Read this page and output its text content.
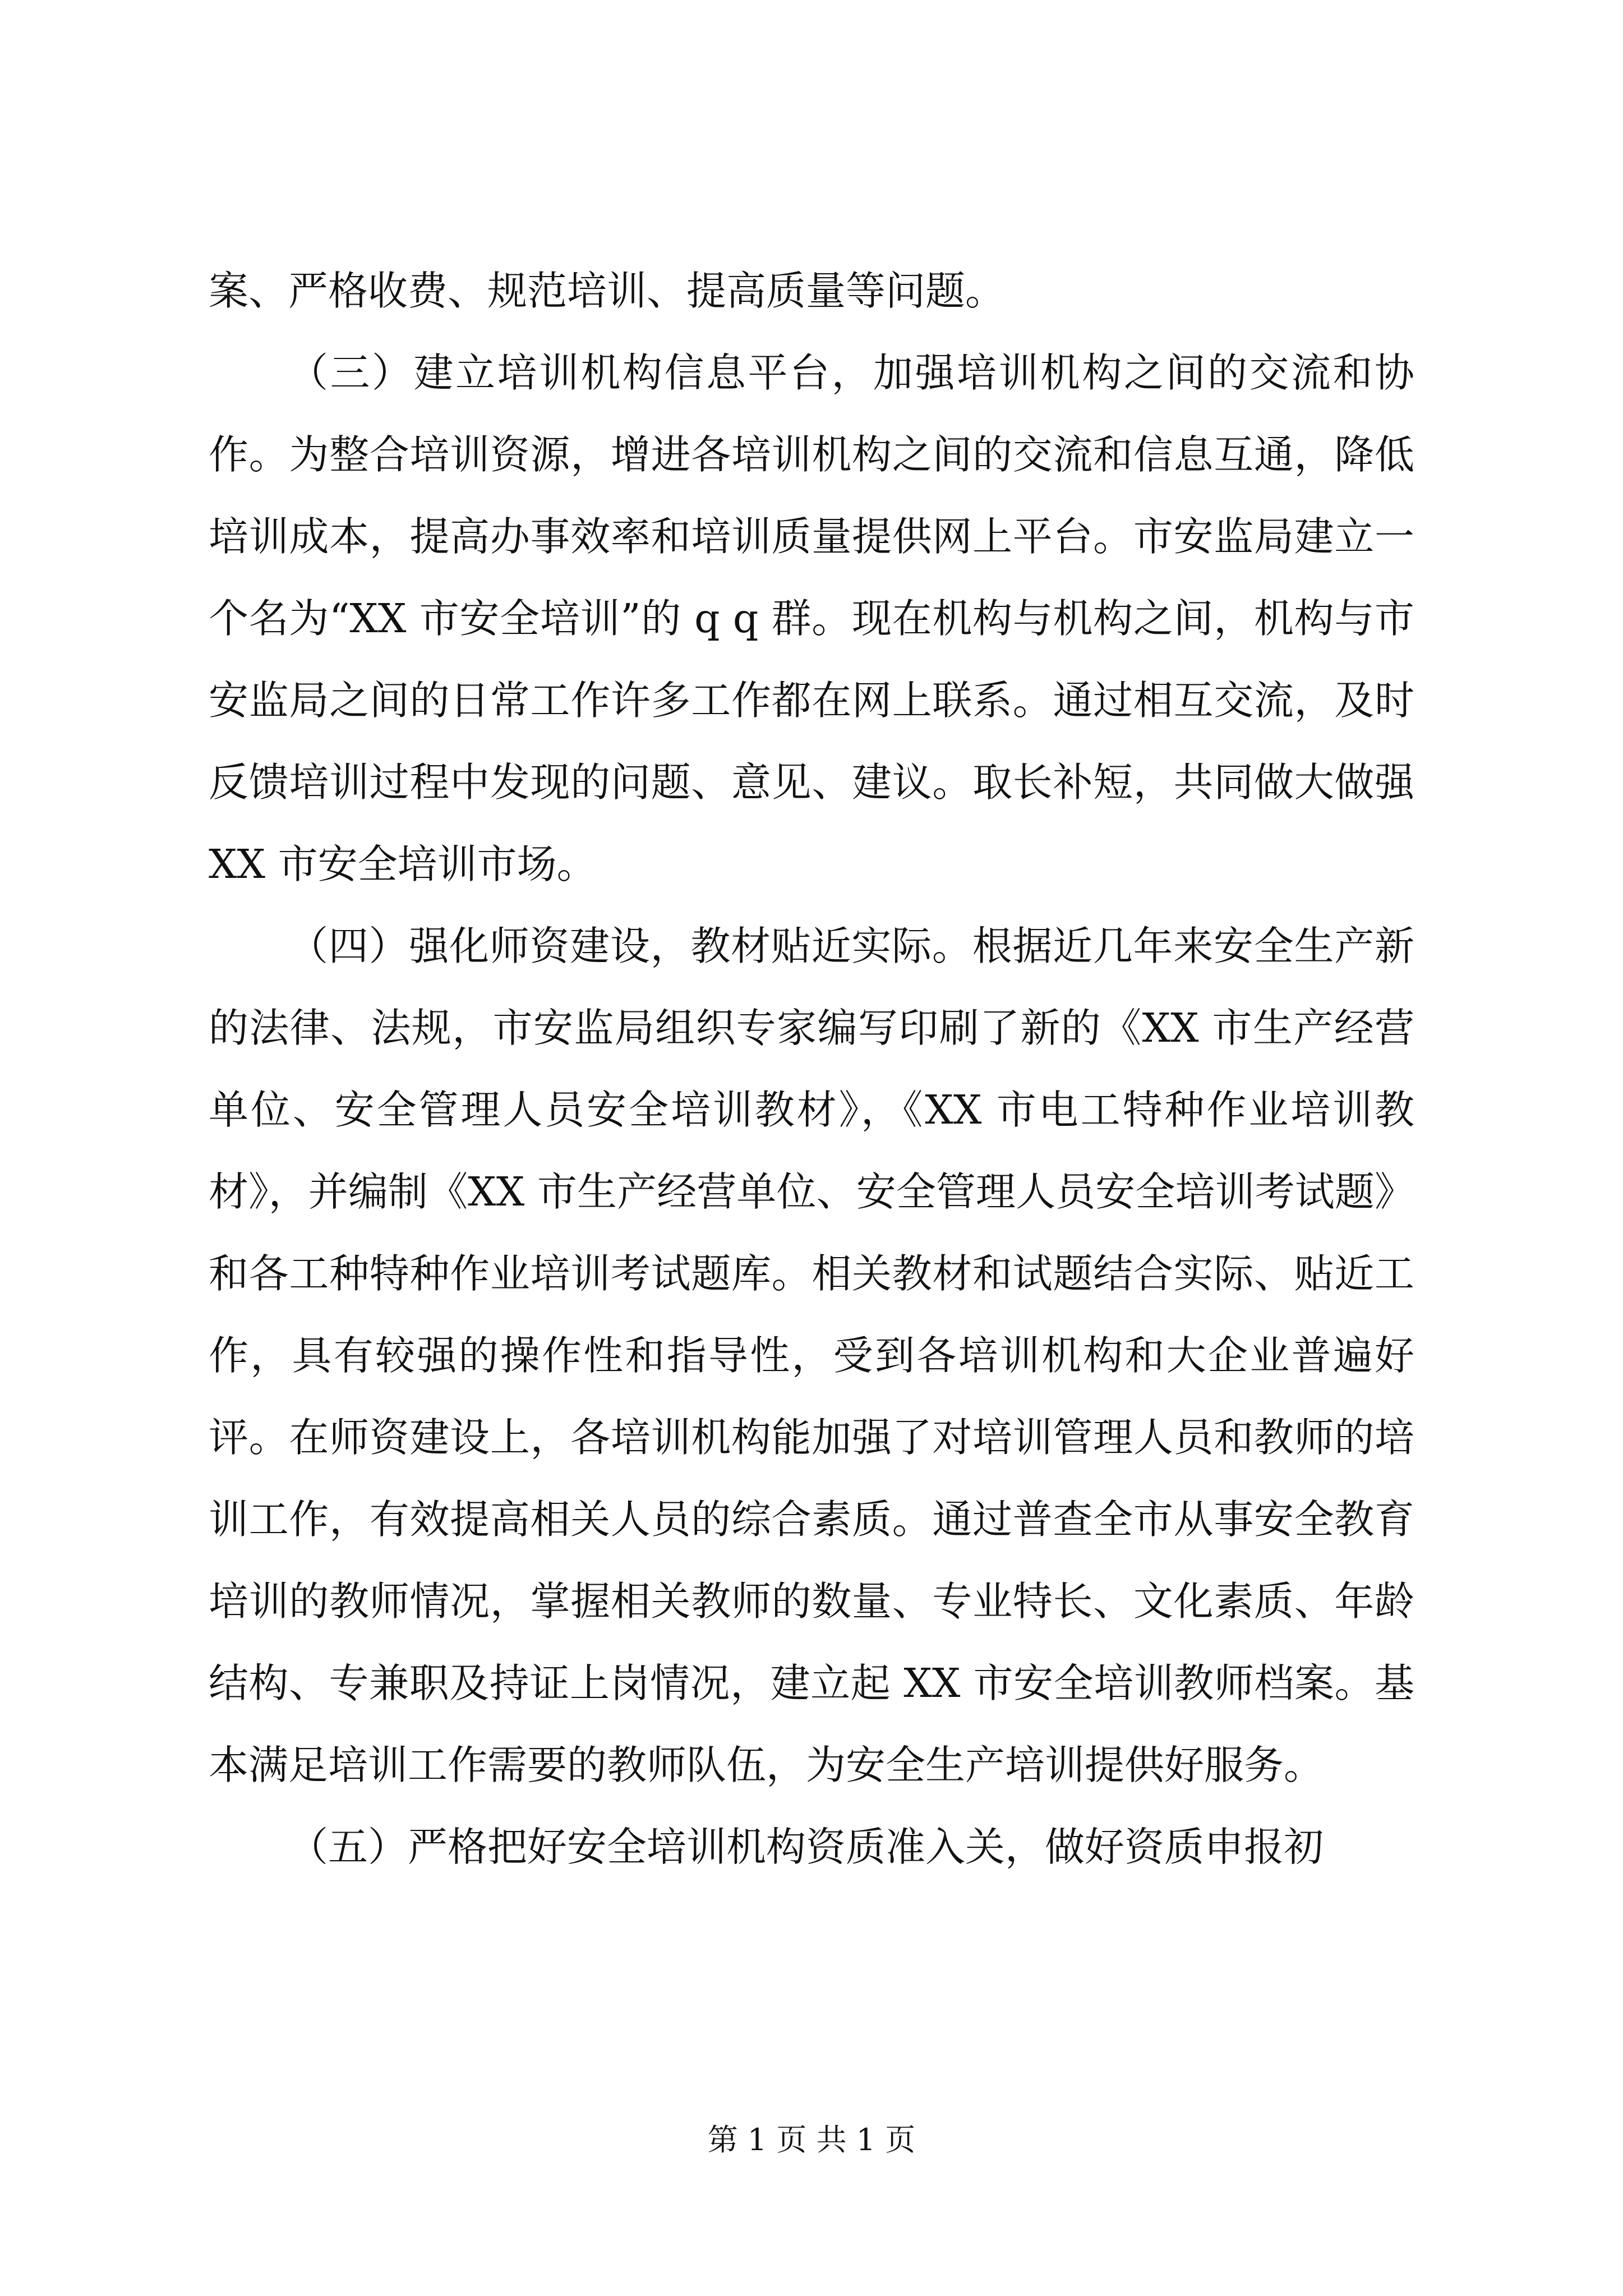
案、严格收费、规范培训、提高质量等问题。

（三）建立培训机构信息平台，加强培训机构之间的交流和协作。为整合培训资源，增进各培训机构之间的交流和信息互通，降低培训成本，提高办事效率和培训质量提供网上平台。市安监局建立一个名为“XX 市安全培训”的 q q 群。现在机构与机构之间，机构与市安监局之间的日常工作许多工作都在网上联系。通过相互交流，及时反馈培训过程中发现的问题、意见、建议。取长补短，共同做大做强 XX 市安全培训市场。

（四）强化师资建设，教材贴近实际。根据近几年来安全生产新的法律、法规，市安监局组织专家编写印刷了新的《XX 市生产经营单位、安全管理人员安全培训教材》，《XX 市电工特种作业培训教材》，并编制《XX 市生产经营单位、安全管理人员安全培训考试题》和各工种特种作业培训考试题库。相关教材和试题结合实际、贴近工作，具有较强的操作性和指导性，受到各培训机构和大企业普遍好评。在师资建设上，各培训机构能加强了对培训管理人员和教师的培训工作，有效提高相关人员的综合素质。通过普查全市从事安全教育培训的教师情况，掌握相关教师的数量、专业特长、文化素质、年龄结构、专兼职及持证上岗情况，建立起 XX 市安全培训教师档案。基本满足培训工作需要的教师队伍，为安全生产培训提供好服务。

（五）严格把好安全培训机构资质准入关，做好资质申报初

第 1 页 共 1 页
